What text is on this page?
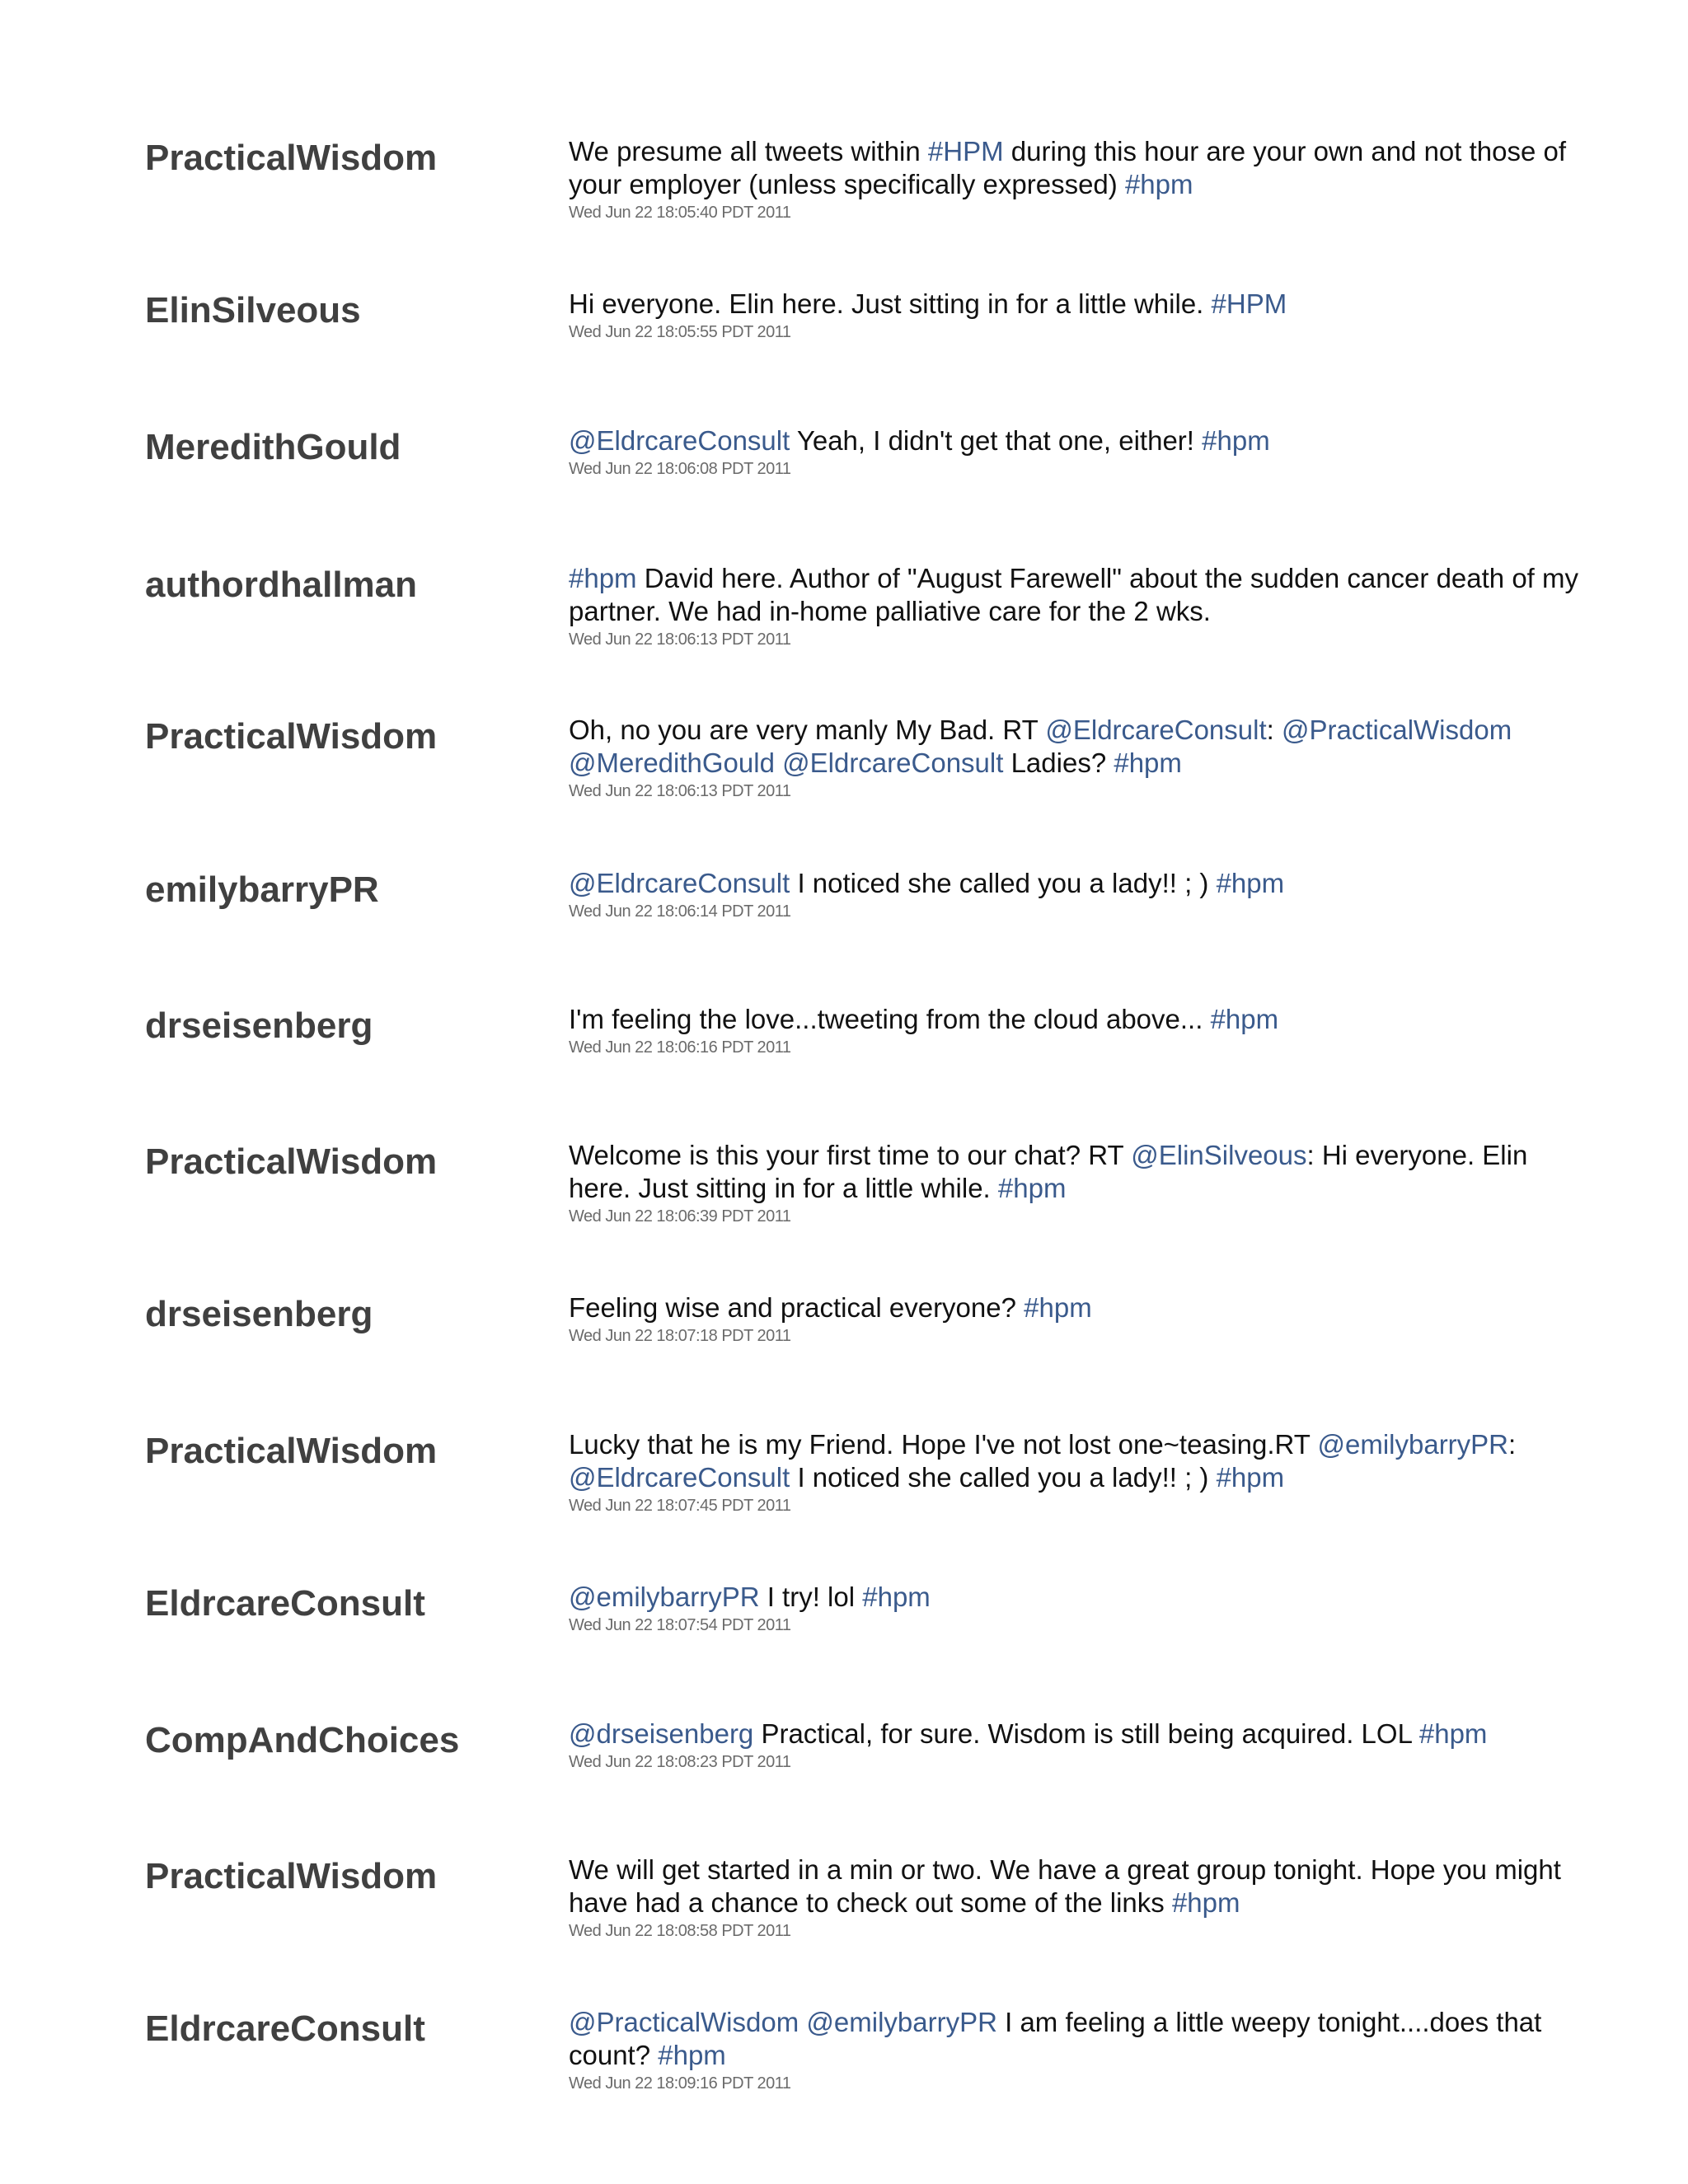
PracticalWisdom	We presume all tweets within #HPM during this hour are your own and not those of your employer (unless specifically expressed) #hpm
Wed Jun 22 18:05:40 PDT 2011
ElinSilveous	Hi everyone. Elin here. Just sitting in for a little while. #HPM
Wed Jun 22 18:05:55 PDT 2011
MeredithGould	@EldrcareConsult Yeah, I didn't get that one, either! #hpm
Wed Jun 22 18:06:08 PDT 2011
authordhallman	#hpm David here. Author of "August Farewell" about the sudden cancer death of my partner. We had in-home palliative care for the 2 wks.
Wed Jun 22 18:06:13 PDT 2011
PracticalWisdom	Oh, no you are very manly My Bad. RT @EldrcareConsult: @PracticalWisdom @MeredithGould @EldrcareConsult Ladies? #hpm
Wed Jun 22 18:06:13 PDT 2011
emilybarryPR	@EldrcareConsult I noticed she called you a lady!! ; ) #hpm
Wed Jun 22 18:06:14 PDT 2011
drseisenberg	I'm feeling the love...tweeting from the cloud above... #hpm
Wed Jun 22 18:06:16 PDT 2011
PracticalWisdom	Welcome is this your first time to our chat? RT @ElinSilveous: Hi everyone. Elin here. Just sitting in for a little while. #hpm
Wed Jun 22 18:06:39 PDT 2011
drseisenberg	Feeling wise and practical everyone? #hpm
Wed Jun 22 18:07:18 PDT 2011
PracticalWisdom	Lucky that he is my Friend. Hope I've not lost one~teasing.RT @emilybarryPR: @EldrcareConsult I noticed she called you a lady!! ; ) #hpm
Wed Jun 22 18:07:45 PDT 2011
EldrcareConsult	@emilybarryPR I try! lol #hpm
Wed Jun 22 18:07:54 PDT 2011
CompAndChoices	@drseisenberg Practical, for sure. Wisdom is still being acquired. LOL #hpm
Wed Jun 22 18:08:23 PDT 2011
PracticalWisdom	We will get started in a min or two. We have a great group tonight. Hope you might have had a chance to check out some of the links #hpm
Wed Jun 22 18:08:58 PDT 2011
EldrcareConsult	@PracticalWisdom @emilybarryPR I am feeling a little weepy tonight....does that count? #hpm
Wed Jun 22 18:09:16 PDT 2011
